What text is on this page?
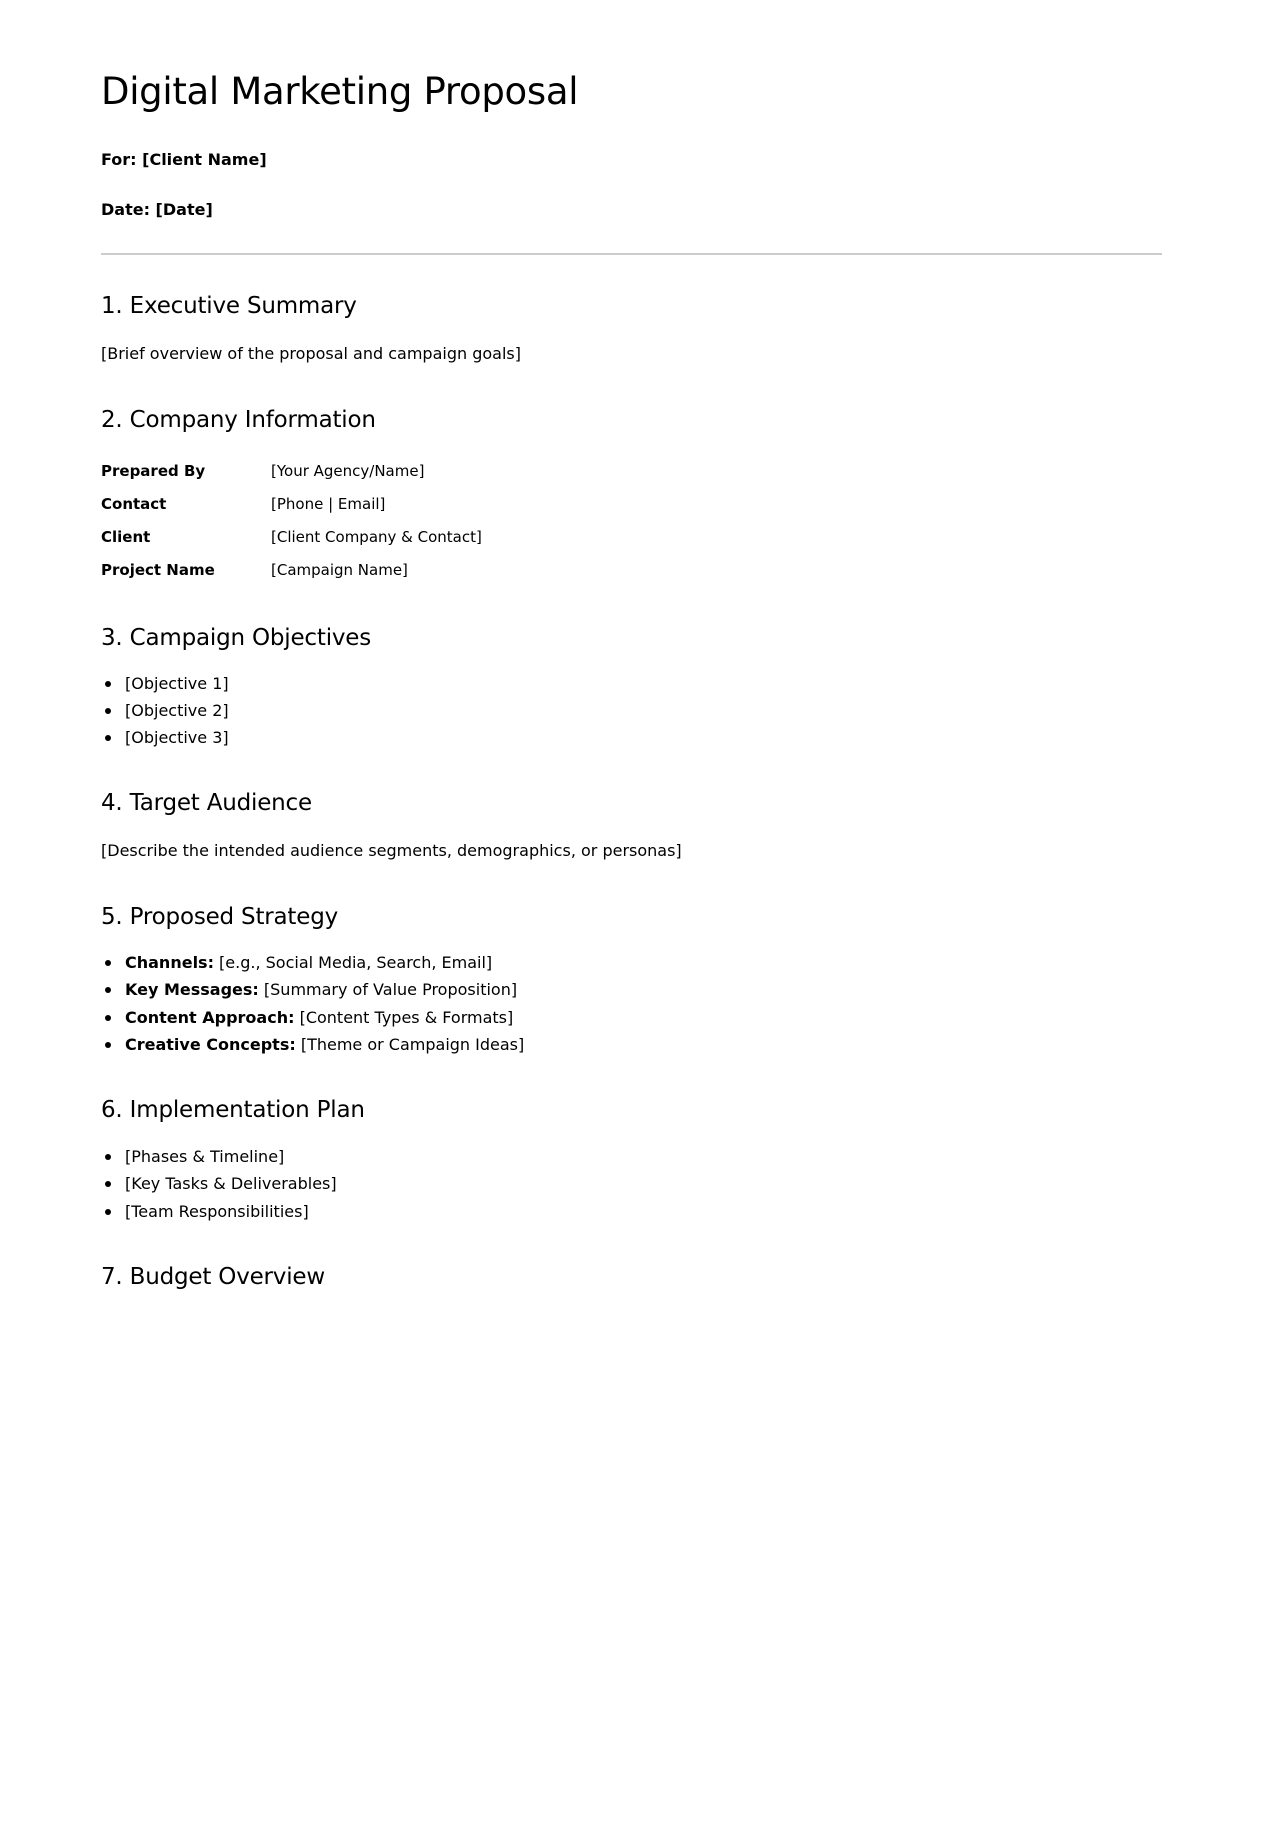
Digital Marketing Proposal
For: [Client Name]
Date: [Date]
1. Executive Summary
[Brief overview of the proposal and campaign goals]
2. Company Information
Prepared By	[Your Agency/Name]
Contact	[Phone | Email]
Client	[Client Company & Contact]
Project Name	[Campaign Name]
3. Campaign Objectives
[Objective 1]
[Objective 2]
[Objective 3]
4. Target Audience
[Describe the intended audience segments, demographics, or personas]
5. Proposed Strategy
Channels: [e.g., Social Media, Search, Email]
Key Messages: [Summary of Value Proposition]
Content Approach: [Content Types & Formats]
Creative Concepts: [Theme or Campaign Ideas]
6. Implementation Plan
[Phases & Timeline]
[Key Tasks & Deliverables]
[Team Responsibilities]
7. Budget Overview
